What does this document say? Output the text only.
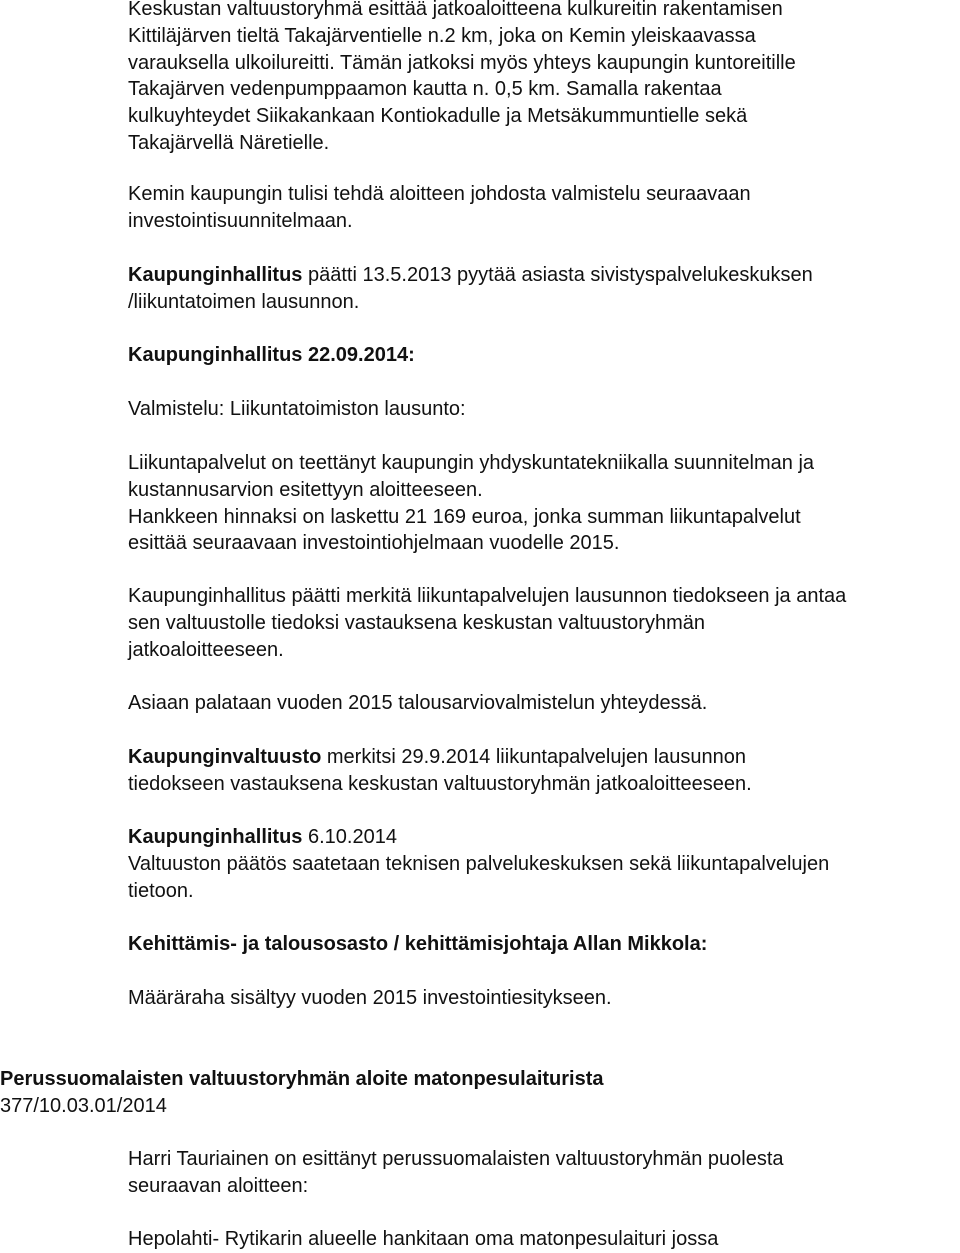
Keskustan valtuustoryhmä esittää jatkoaloitteena kulkureitin rakentamisen

Kittiläjärven tieltä Takajärventielle n.2 km, joka on Kemin yleiskaavassa

varauksella ulkoilureitti. Tämän jatkoksi myös yhteys kaupungin kuntoreitille

Takajärven vedenpumppaamon kautta n. 0,5 km. Samalla rakentaa

kulkuyhteydet Siikakankaan Kontiokadulle ja Metsäkummuntielle sekä

Takajärvellä Näretielle.

Kemin kaupungin tulisi tehdä aloitteen johdosta valmistelu seuraavaan

investointisuunnitelmaan.

Kaupunginhallitus päätti 13.5.2013 pyytää asiasta sivistyspalvelukeskuksen

/liikuntatoimen lausunnon.

Kaupunginhallitus 22.09.2014:

Valmistelu: Liikuntatoimiston lausunto:

Liikuntapalvelut on teettänyt kaupungin yhdyskuntatekniikalla suunnitelman ja

kustannusarvion esitettyyn aloitteeseen.

Hankkeen hinnaksi on laskettu 21 169 euroa, jonka summan liikuntapalvelut

esittää seuraavaan investointiohjelmaan vuodelle 2015.

Kaupunginhallitus päätti merkitä liikuntapalvelujen lausunnon tiedokseen ja antaa

sen valtuustolle tiedoksi vastauksena keskustan valtuustoryhmän

jatkoaloitteeseen.

Asiaan palataan vuoden 2015 talousarviovalmistelun yhteydessä.

Kaupunginvaltuusto merkitsi 29.9.2014 liikuntapalvelujen lausunnon

tiedokseen vastauksena keskustan valtuustoryhmän jatkoaloitteeseen.

Kaupunginhallitus 6.10.2014

Valtuuston päätös saatetaan teknisen palvelukeskuksen sekä liikuntapalvelujen

tietoon.

Kehittämis- ja talousosasto / kehittämisjohtaja Allan Mikkola:

Määräraha sisältyy vuoden 2015 investointiesitykseen.

Perussuomalaisten valtuustoryhmän aloite matonpesulaiturista

377/10.03.01/2014

Harri Tauriainen on esittänyt perussuomalaisten valtuustoryhmän puolesta

seuraavan aloitteen:

Hepolahti- Rytikarin alueelle hankitaan oma matonpesulaituri jossa
